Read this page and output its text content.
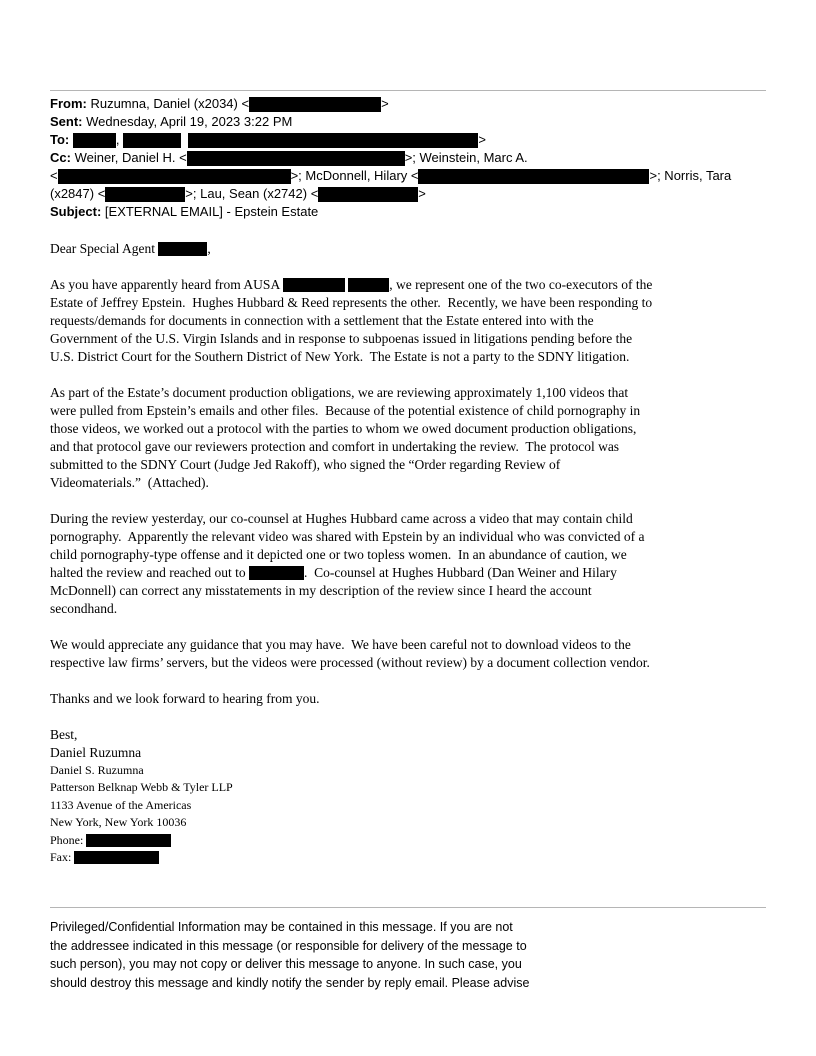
From: Ruzumna, Daniel (x2034) <	>
Sent: Wednesday, April 19, 2023 3:22 PM
To:	,	>
Cc: Weiner, Daniel H. <	>; Weinstein, Marc A.
<	>; McDonnell, Hilary <	>; Norris, Tara
(x2847) <	>; Lau, Sean (x2742) <	>
Subject: [EXTERNAL EMAIL] - Epstein Estate
Dear Special Agent	,
As you have apparently heard from AUSA	, we represent one of the two co-executors of the
Estate of Jeffrey Epstein.  Hughes Hubbard & Reed represents the other.  Recently, we have been responding to
requests/demands for documents in connection with a settlement that the Estate entered into with the
Government of the U.S. Virgin Islands and in response to subpoenas issued in litigations pending before the
U.S. District Court for the Southern District of New York.  The Estate is not a party to the SDNY litigation.
As part of the Estate’s document production obligations, we are reviewing approximately 1,100 videos that
were pulled from Epstein’s emails and other files.  Because of the potential existence of child pornography in
those videos, we worked out a protocol with the parties to whom we owed document production obligations,
and that protocol gave our reviewers protection and comfort in undertaking the review.  The protocol was
submitted to the SDNY Court (Judge Jed Rakoff), who signed the “Order regarding Review of
Videomaterials.”  (Attached).
During the review yesterday, our co-counsel at Hughes Hubbard came across a video that may contain child
pornography.  Apparently the relevant video was shared with Epstein by an individual who was convicted of a
child pornography-type offense and it depicted one or two topless women.  In an abundance of caution, we
halted the review and reached out to	.  Co-counsel at Hughes Hubbard (Dan Weiner and Hilary
McDonnell) can correct any misstatements in my description of the review since I heard the account
secondhand.
We would appreciate any guidance that you may have.  We have been careful not to download videos to the
respective law firms’ servers, but the videos were processed (without review) by a document collection vendor.
Thanks and we look forward to hearing from you.
Best,
Daniel Ruzumna
Daniel S. Ruzumna
Patterson Belknap Webb & Tyler LLP
1133 Avenue of the Americas
New York, New York 10036
Phone:
Fax:
Privileged/Confidential Information may be contained in this message. If you are not
the addressee indicated in this message (or responsible for delivery of the message to
such person), you may not copy or deliver this message to anyone. In such case, you
should destroy this message and kindly notify the sender by reply email. Please advise
